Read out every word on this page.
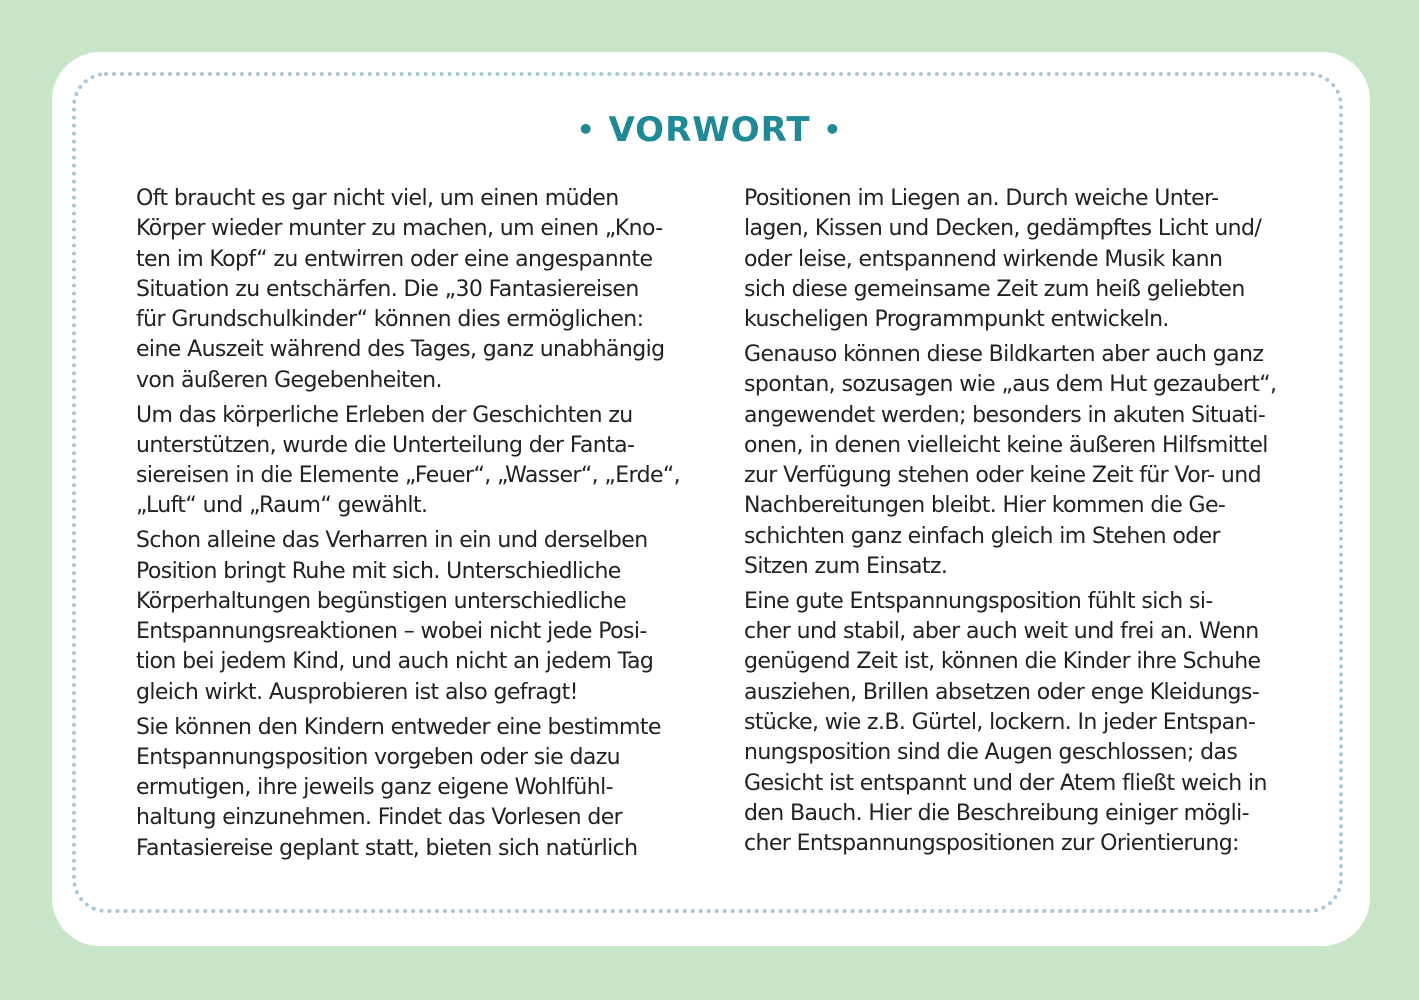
• VORWORT •
Oft braucht es gar nicht viel, um einen müden
Körper wieder munter zu machen, um einen „Kno-
ten im Kopf“ zu entwirren oder eine angespannte
Situation zu entschärfen. Die „30 Fantasiereisen
für Grundschulkinder“ können dies ermöglichen:
eine Auszeit während des Tages, ganz unabhängig
von äußeren Gegebenheiten.
Um das körperliche Erleben der Geschichten zu
unterstützen, wurde die Unterteilung der Fanta-
siereisen in die Elemente „Feuer“, „Wasser“, „Erde“,
„Luft“ und „Raum“ gewählt.
Schon alleine das Verharren in ein und derselben
Position bringt Ruhe mit sich. Unterschiedliche
Körperhaltungen begünstigen unterschiedliche
Entspannungsreaktionen – wobei nicht jede Posi-
tion bei jedem Kind, und auch nicht an jedem Tag
gleich wirkt. Ausprobieren ist also gefragt!
Sie können den Kindern entweder eine bestimmte
Entspannungsposition vorgeben oder sie dazu
ermutigen, ihre jeweils ganz eigene Wohlfühl-
haltung einzunehmen. Findet das Vorlesen der
Fantasiereise geplant statt, bieten sich natürlich
Positionen im Liegen an. Durch weiche Unter-
lagen, Kissen und Decken, gedämpftes Licht und/
oder leise, entspannend wirkende Musik kann
sich diese gemeinsame Zeit zum heiß geliebten
kuscheligen Programmpunkt entwickeln.
Genauso können diese Bildkarten aber auch ganz
spontan, sozusagen wie „aus dem Hut gezaubert“,
angewendet werden; besonders in akuten Situati-
onen, in denen vielleicht keine äußeren Hilfsmittel
zur Verfügung stehen oder keine Zeit für Vor- und
Nachbereitungen bleibt. Hier kommen die Ge-
schichten ganz einfach gleich im Stehen oder
Sitzen zum Einsatz.
Eine gute Entspannungsposition fühlt sich si-
cher und stabil, aber auch weit und frei an. Wenn
genügend Zeit ist, können die Kinder ihre Schuhe
ausziehen, Brillen absetzen oder enge Kleidungs-
stücke, wie z.B. Gürtel, lockern. In jeder Entspan-
nungsposition sind die Augen geschlossen; das
Gesicht ist entspannt und der Atem fließt weich in
den Bauch. Hier die Beschreibung einiger mögli-
cher Entspannungspositionen zur Orientierung:
